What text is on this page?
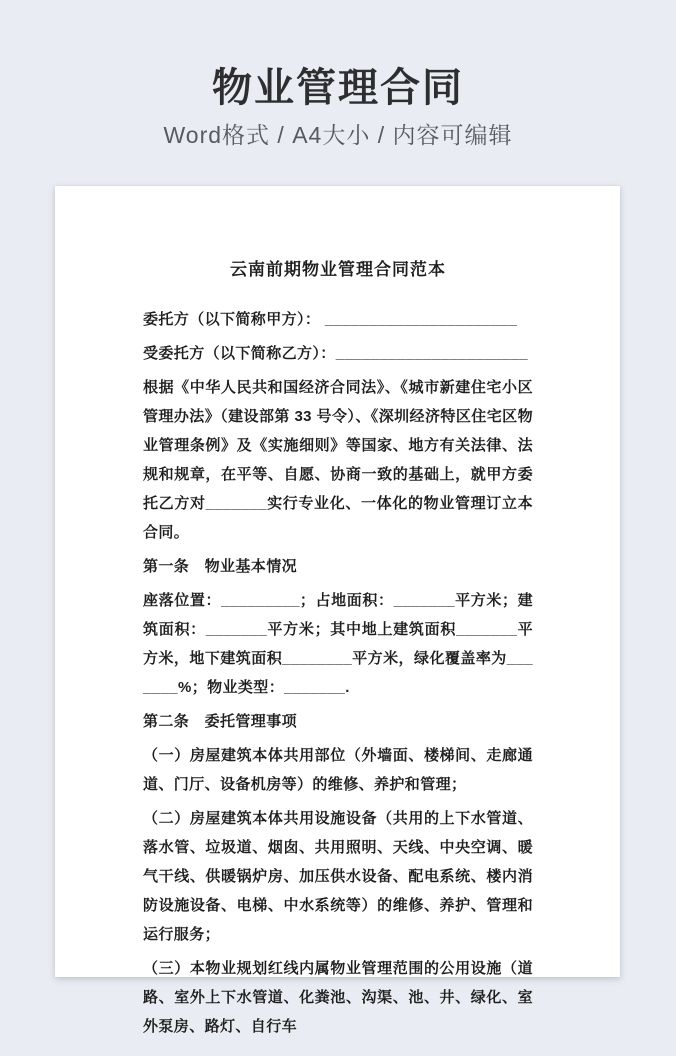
物业管理合同

Word格式 / A4大小 / 内容可编辑

云南前期物业管理合同范本

委托方（以下简称甲方）： ______________________

受委托方（以下简称乙方）：______________________

根据《中华人民共和国经济合同法》、《城市新建住宅小区管理办法》（建设部第 33 号令）、《深圳经济特区住宅区物业管理条例》及《实施细则》等国家、地方有关法律、法规和规章，在平等、自愿、协商一致的基础上，就甲方委托乙方对_______实行专业化、一体化的物业管理订立本合同。

第一条　物业基本情况

座落位置：_________；占地面积：_______平方米；建筑面积：_______平方米；其中地上建筑面积_______平方米，地下建筑面积________平方米，绿化覆盖率为_______%；物业类型：_______.

第二条　委托管理事项

（一）房屋建筑本体共用部位（外墙面、楼梯间、走廊通道、门厅、设备机房等）的维修、养护和管理；

（二）房屋建筑本体共用设施设备（共用的上下水管道、落水管、垃圾道、烟囱、共用照明、天线、中央空调、暖气干线、供暖锅炉房、加压供水设备、配电系统、楼内消防设施设备、电梯、中水系统等）的维修、养护、管理和运行服务；

（三）本物业规划红线内属物业管理范围的公用设施（道路、室外上下水管道、化粪池、沟渠、池、井、绿化、室外泵房、路灯、自行车
